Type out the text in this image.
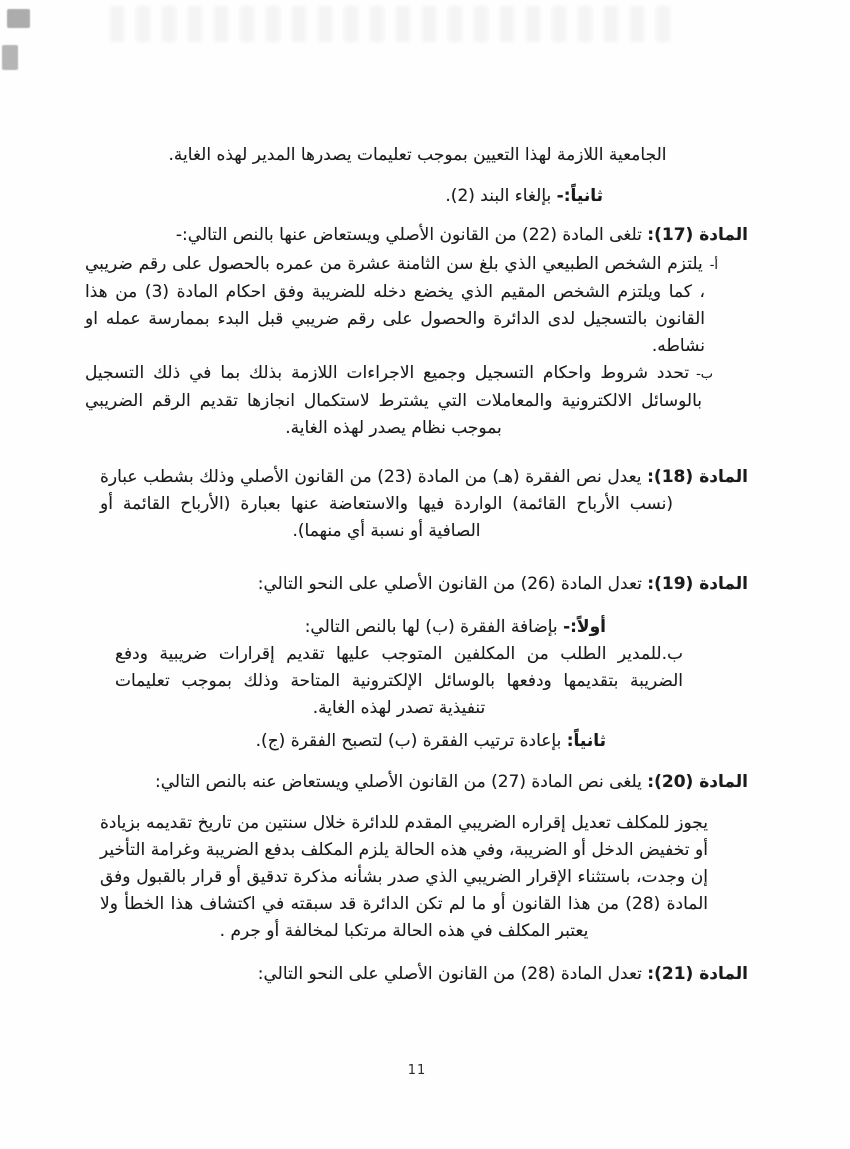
الجامعية اللازمة لهذا التعيين بموجب تعليمات يصدرها المدير لهذه الغاية.

ثانياً:- بإلغاء البند (2).

المادة (17): تلغى المادة (22) من القانون الأصلي ويستعاض عنها بالنص التالي:-

أ-يلتزم الشخص الطبيعي الذي بلغ سن الثامنة عشرة من عمره بالحصول على رقم ضريبي ، كما ويلتزم الشخص المقيم الذي يخضع دخله للضريبة وفق احكام المادة (3) من هذا القانون بالتسجيل لدى الدائرة والحصول على رقم ضريبي قبل البدء بممارسة عمله او نشاطه.

ب-تحدد شروط واحكام التسجيل وجميع الاجراءات اللازمة بذلك بما في ذلك التسجيل بالوسائل الالكترونية والمعاملات التي يشترط لاستكمال انجازها تقديم الرقم الضريبي بموجب نظام يصدر لهذه الغاية.

المادة (18): يعدل نص الفقرة (هـ) من المادة (23) من القانون الأصلي وذلك بشطب عبارة (نسب الأرباح القائمة) الواردة فيها والاستعاضة عنها بعبارة (الأرباح القائمة أو الصافية أو نسبة أي منهما).

المادة (19): تعدل المادة (26) من القانون الأصلي على النحو التالي:

أولاً:- بإضافة الفقرة (ب) لها بالنص التالي:

ب.للمدير الطلب من المكلفين المتوجب عليها تقديم إقرارات ضريبية ودفع الضريبة بتقديمها ودفعها بالوسائل الإلكترونية المتاحة وذلك بموجب تعليمات تنفيذية تصدر لهذه الغاية.

ثانياً: بإعادة ترتيب الفقرة (ب) لتصبح الفقرة (ج).

المادة (20): يلغى نص المادة (27) من القانون الأصلي ويستعاض عنه بالنص التالي:

يجوز للمكلف تعديل إقراره الضريبي المقدم للدائرة خلال سنتين من تاريخ تقديمه بزيادة أو تخفيض الدخل أو الضريبة، وفي هذه الحالة يلزم المكلف بدفع الضريبة وغرامة التأخير إن وجدت، باستثناء الإقرار الضريبي الذي صدر بشأنه مذكرة تدقيق أو قرار بالقبول وفق المادة (28) من هذا القانون أو ما لم تكن الدائرة قد سبقته في اكتشاف هذا الخطأ ولا يعتبر المكلف في هذه الحالة مرتكبا لمخالفة أو جرم .

المادة (21): تعدل المادة (28) من القانون الأصلي على النحو التالي:

11
